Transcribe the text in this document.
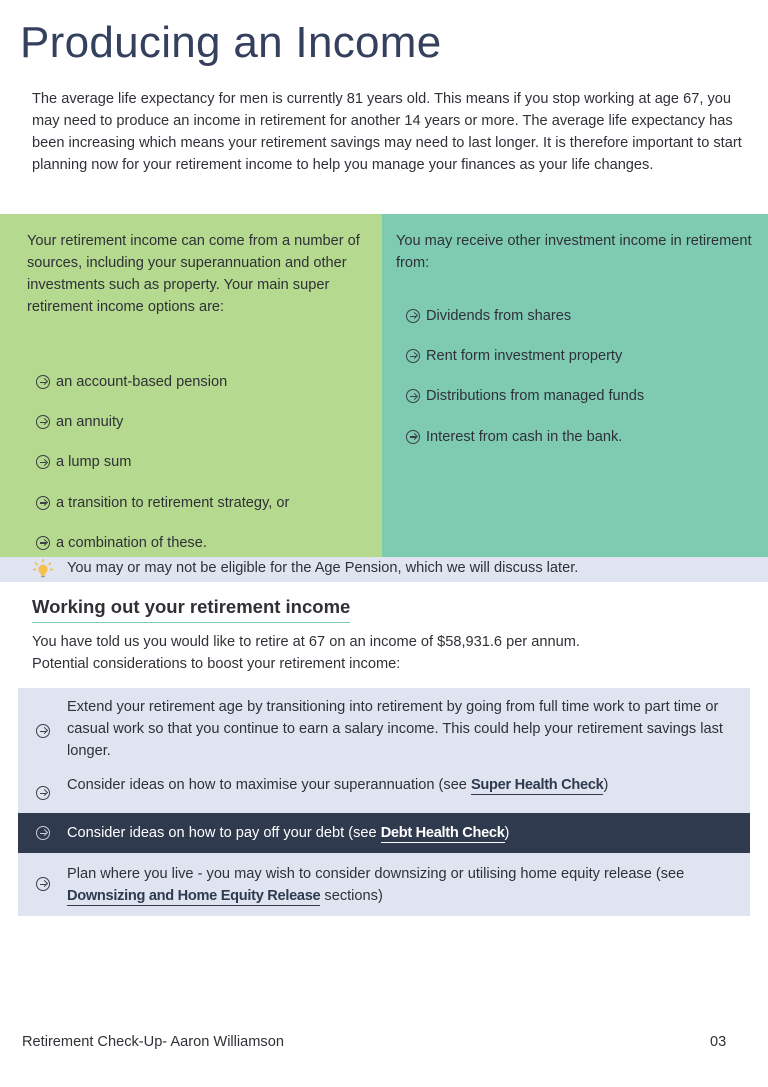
Producing an Income

The average life expectancy for men is currently 81 years old. This means if you stop working at age 67, you may need to produce an income in retirement for another 14 years or more. The average life expectancy has been increasing which means your retirement savings may need to last longer. It is therefore important to start planning now for your retirement income to help you manage your finances as your life changes.

Your retirement income can come from a number of sources, including your superannuation and other investments such as property. Your main super retirement income options are:

an account-based pension
an annuity
a lump sum
a transition to retirement strategy, or
a combination of these.

You may receive other investment income in retirement from:

Dividends from shares
Rent form investment property
Distributions from managed funds
Interest from cash in the bank.
You may or may not be eligible for the Age Pension, which we will discuss later.
Working out your retirement income
You have told us you would like to retire at 67 on an income of $58,931.6 per annum.
Potential considerations to boost your retirement income:
Extend your retirement age by transitioning into retirement by going from full time work to part time or casual work so that you continue to earn a salary income. This could help your retirement savings last longer.
Consider ideas on how to maximise your superannuation (see Super Health Check)
Consider ideas on how to pay off your debt (see Debt Health Check)
Plan where you live - you may wish to consider downsizing or utilising home equity release (see Downsizing and Home Equity Release sections)
Retirement Check-Up- Aaron Williamson	03
